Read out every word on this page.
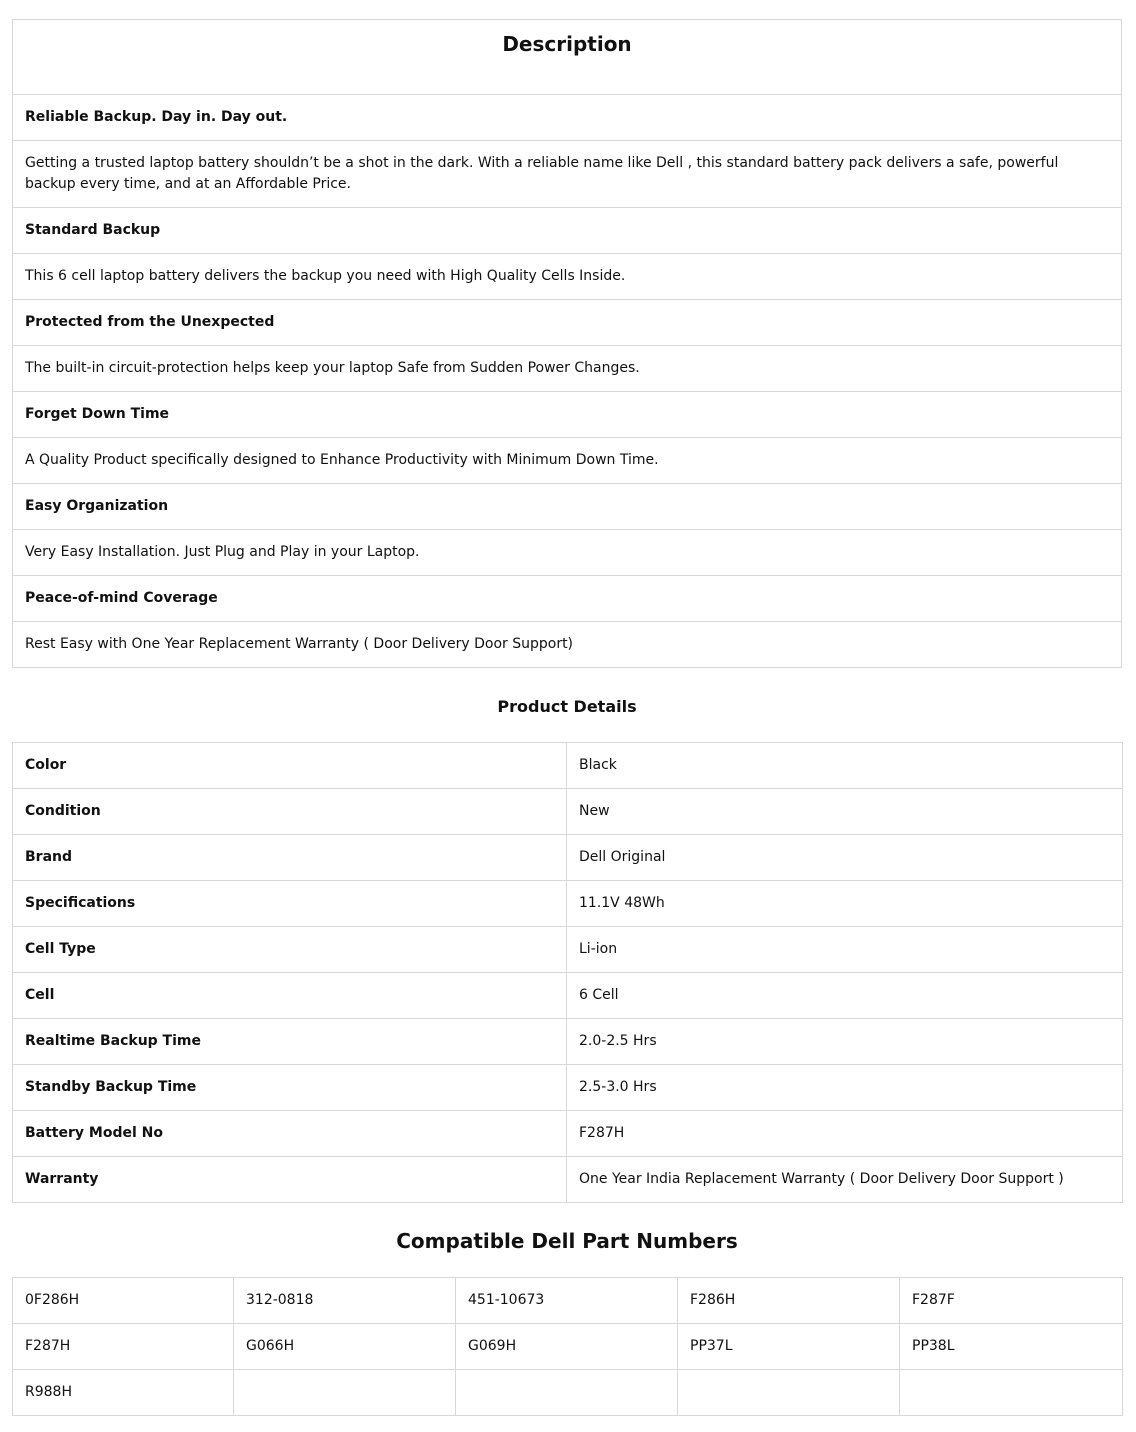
Description
Reliable Backup. Day in. Day out.
Getting a trusted laptop battery shouldn’t be a shot in the dark. With a reliable name like Dell , this standard battery pack delivers a safe, powerful backup every time, and at an Affordable Price.
Standard Backup
This 6 cell laptop battery delivers the backup you need with High Quality Cells Inside.
Protected from the Unexpected
The built-in circuit-protection helps keep your laptop Safe from Sudden Power Changes.
Forget Down Time
A Quality Product specifically designed to Enhance Productivity with Minimum Down Time.
Easy Organization
Very Easy Installation. Just Plug and Play in your Laptop.
Peace-of-mind Coverage
Rest Easy with One Year Replacement Warranty ( Door Delivery Door Support)
Product Details
Color	Black
Condition	New
Brand	Dell Original
Specifications	11.1V 48Wh
Cell Type	Li-ion
Cell	6 Cell
Realtime Backup Time	2.0-2.5 Hrs
Standby Backup Time	2.5-3.0 Hrs
Battery Model No	F287H
Warranty	One Year India Replacement Warranty ( Door Delivery Door Support )
Compatible Dell Part Numbers
0F286H	312-0818	451-10673	F286H	F287F
F287H	G066H	G069H	PP37L	PP38L
R988H				
